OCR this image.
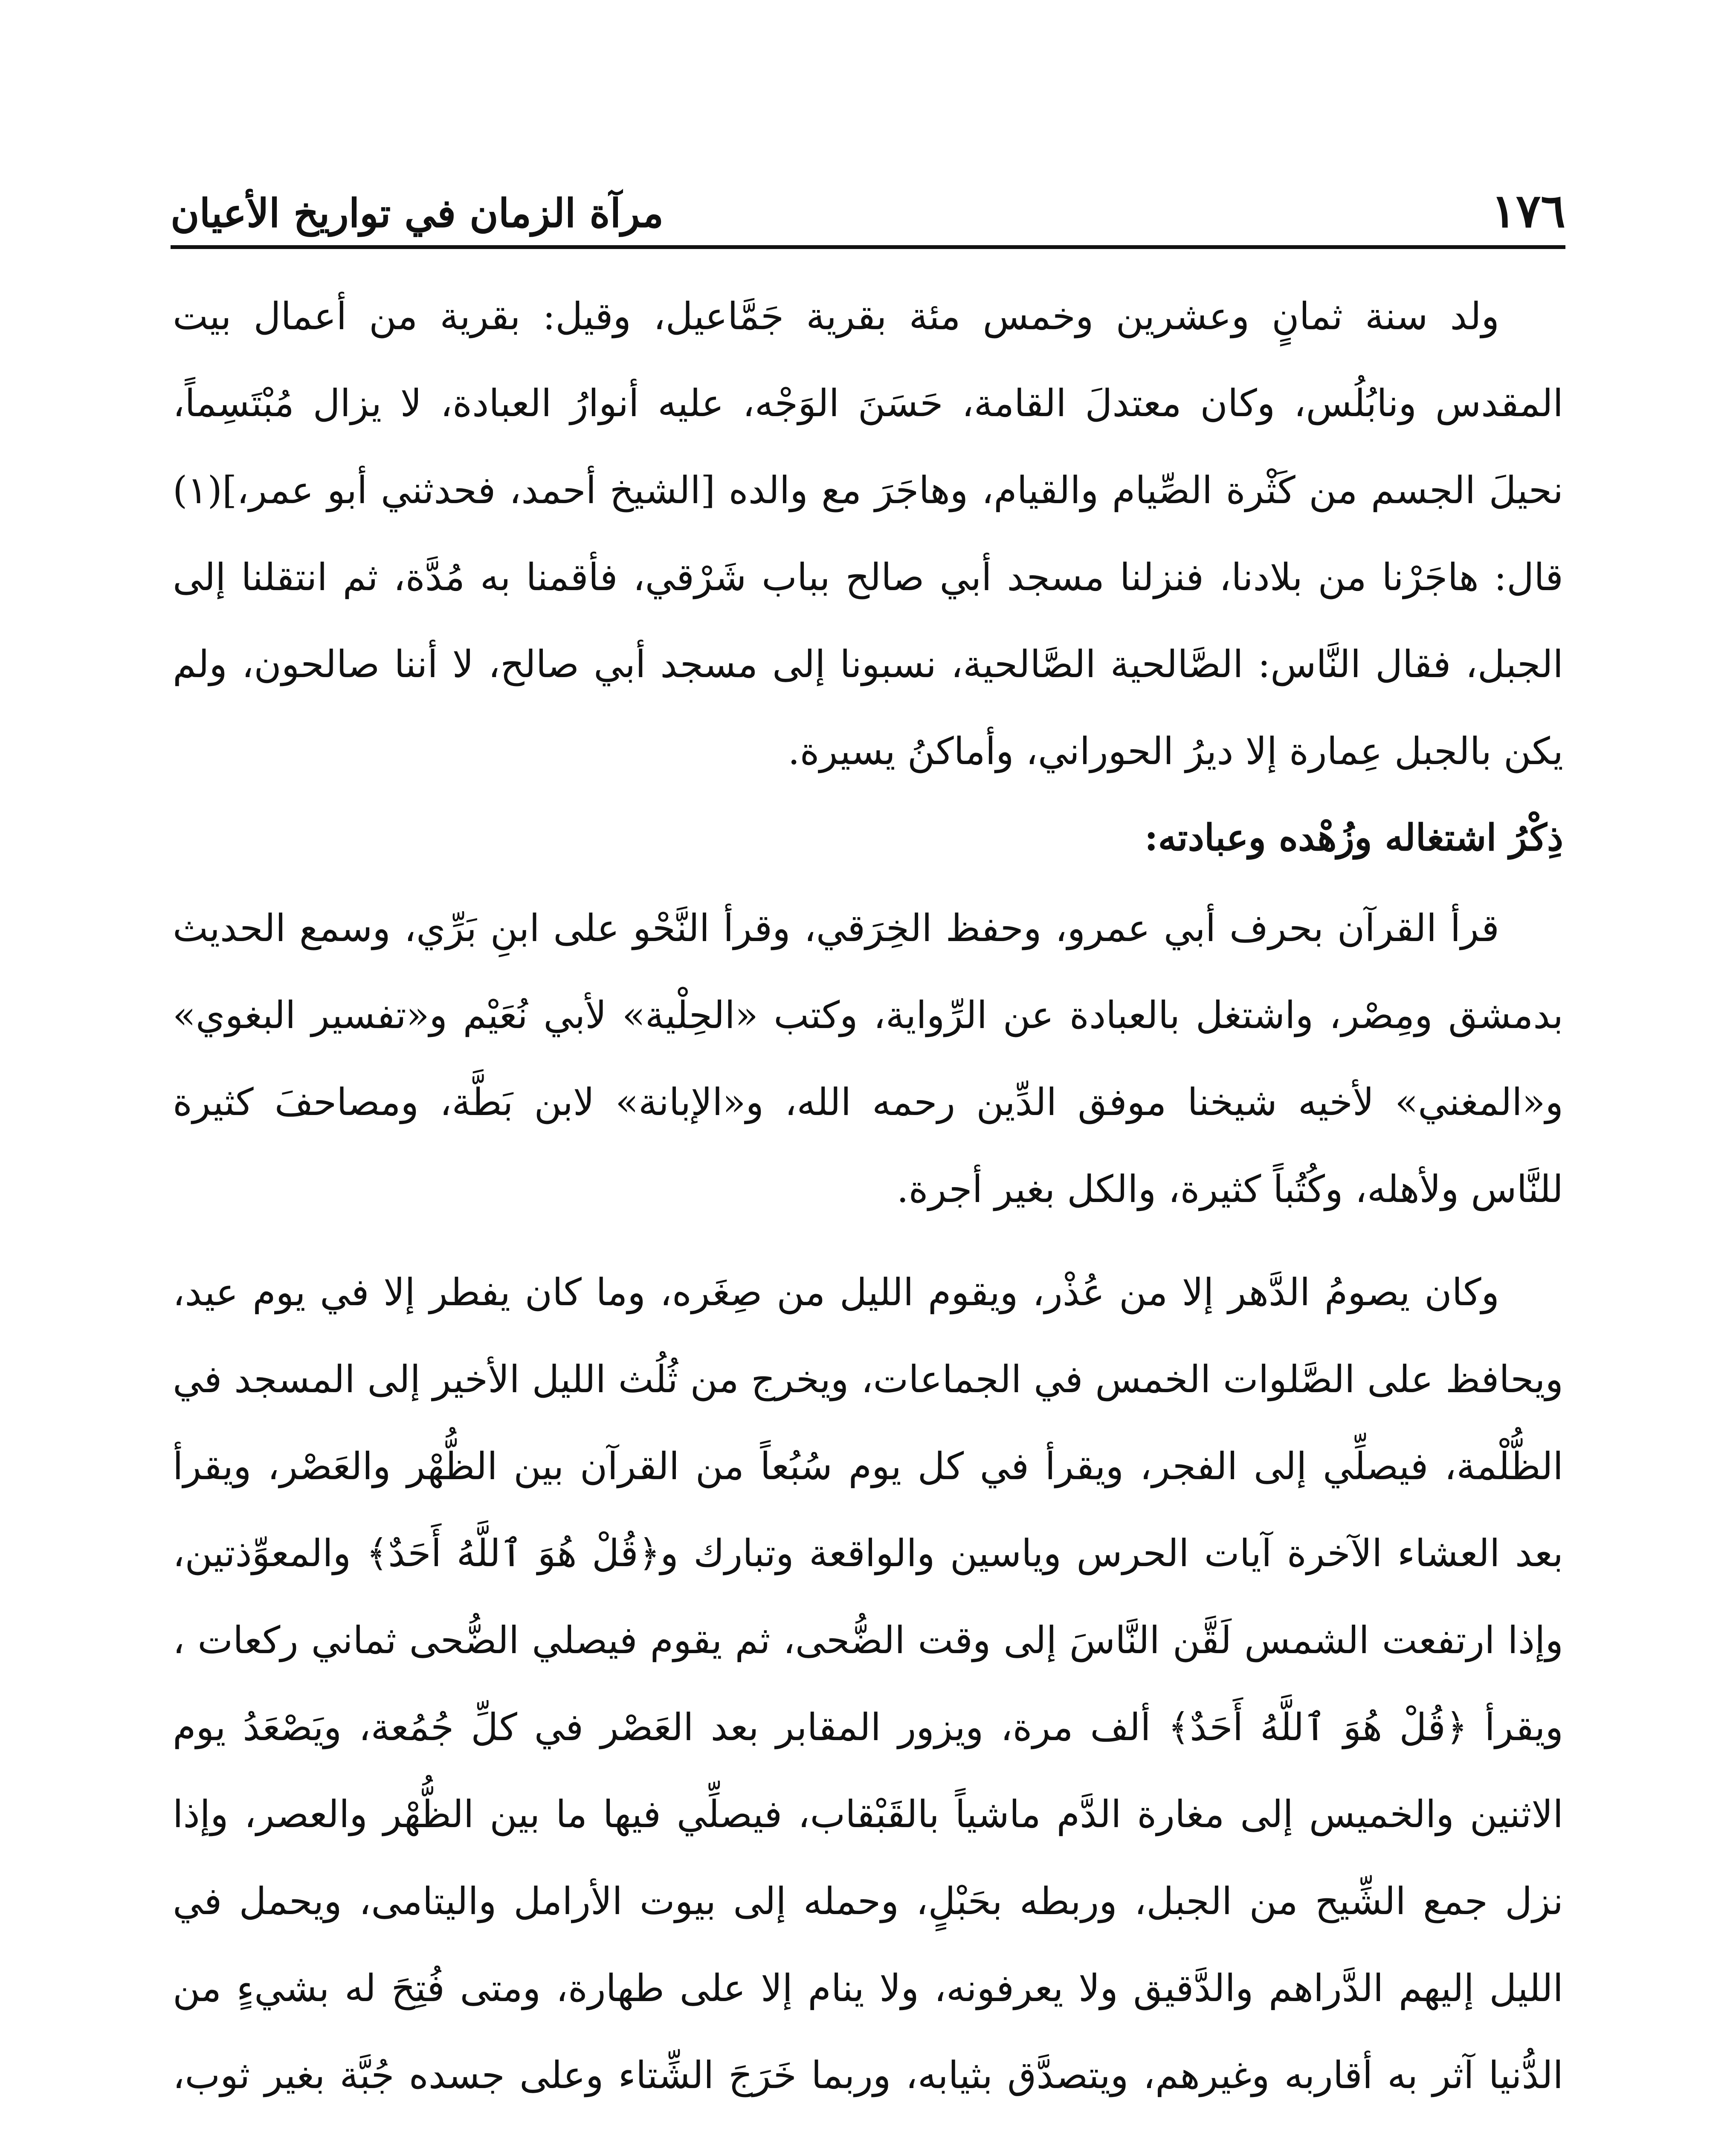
١٧٦
مرآة الزمان في تواريخ الأعيان

ولد سنة ثمانٍ وعشرين وخمس مئة بقرية جَمَّاعيل، وقيل: بقرية من أعمال بيت المقدس ونابُلُس، وكان معتدلَ القامة، حَسَنَ الوَجْه، عليه أنوارُ العبادة، لا يزال مُبْتَسِماً، نحيلَ الجسم من كَثْرة الصِّيام والقيام، وهاجَرَ مع والده [الشيخ أحمد، فحدثني أبو عمر،](١) قال: هاجَرْنا من بلادنا، فنزلنا مسجد أبي صالح بباب شَرْقي، فأقمنا به مُدَّة، ثم انتقلنا إلى الجبل، فقال النَّاس: الصَّالحية الصَّالحية، نسبونا إلى مسجد أبي صالح، لا أننا صالحون، ولم يكن بالجبل عِمارة إلا ديرُ الحوراني، وأماكنُ يسيرة.

ذِكْرُ اشتغاله وزُهْده وعبادته:

قرأ القرآن بحرف أبي عمرو، وحفظ الخِرَقي، وقرأ النَّحْو على ابنِ بَرِّي، وسمع الحديث بدمشق ومِصْر، واشتغل بالعبادة عن الرِّواية، وكتب «الحِلْية» لأبي نُعَيْم و«تفسير البغوي» و«المغني» لأخيه شيخنا موفق الدِّين رحمه الله، و«الإبانة» لابن بَطَّة، ومصاحفَ كثيرة للنَّاس ولأهله، وكُتُباً كثيرة، والكل بغير أجرة.

وكان يصومُ الدَّهر إلا من عُذْر، ويقوم الليل من صِغَره، وما كان يفطر إلا في يوم عيد، ويحافظ على الصَّلوات الخمس في الجماعات، ويخرج من ثُلُث الليل الأخير إلى المسجد في الظُّلْمة، فيصلِّي إلى الفجر، ويقرأ في كل يوم سُبُعاً من القرآن بين الظُّهْر والعَصْر، ويقرأ بعد العشاء الآخرة آيات الحرس وياسين والواقعة وتبارك و﴿قُلْ هُوَ ٱللَّهُ أَحَدٌ﴾ والمعوِّذتين، وإذا ارتفعت الشمس لَقَّن النَّاسَ إلى وقت الضُّحى، ثم يقوم فيصلي الضُّحى ثماني ركعات ، ويقرأ ﴿قُلْ هُوَ ٱللَّهُ أَحَدٌ﴾ ألف مرة، ويزور المقابر بعد العَصْر في كلِّ جُمُعة، ويَصْعَدُ يوم الاثنين والخميس إلى مغارة الدَّم ماشياً بالقَبْقاب، فيصلِّي فيها ما بين الظُّهْر والعصر، وإذا نزل جمع الشِّيح من الجبل، وربطه بحَبْلٍ، وحمله إلى بيوت الأرامل واليتامى، ويحمل في الليل إليهم الدَّراهم والدَّقيق ولا يعرفونه، ولا ينام إلا على طهارة، ومتى فُتِحَ له بشيءٍ من الدُّنيا آثر به أقاربه وغيرهم، ويتصدَّق بثيابه، وربما خَرَجَ الشِّتاء وعلى جسده جُبَّة بغير ثوب،
